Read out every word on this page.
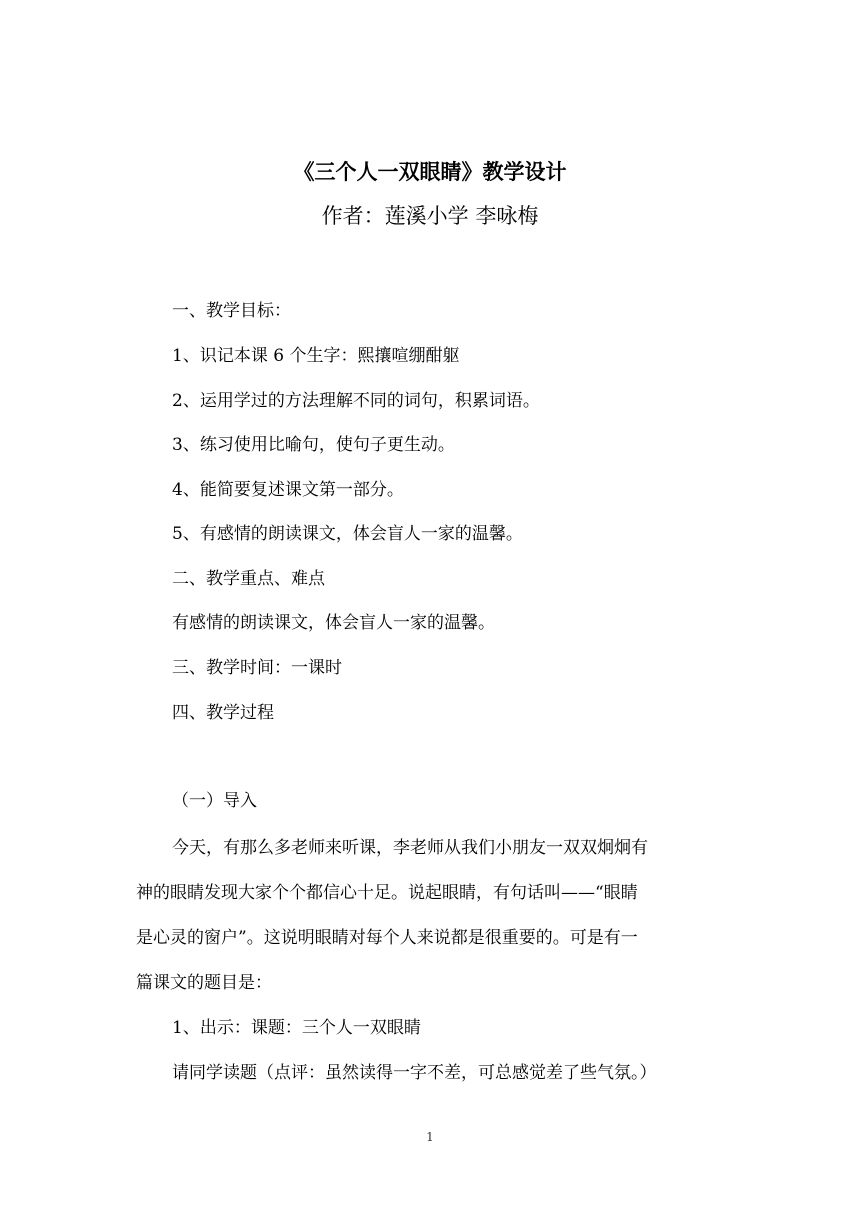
《三个人一双眼睛》教学设计
作者：莲溪小学 李咏梅
一、教学目标：
1、识记本课 6 个生字：熙攘喧绷酣躯
2、运用学过的方法理解不同的词句，积累词语。
3、练习使用比喻句，使句子更生动。
4、能简要复述课文第一部分。
5、有感情的朗读课文，体会盲人一家的温馨。
二、教学重点、难点
有感情的朗读课文，体会盲人一家的温馨。
三、教学时间：一课时
四、教学过程
（一）导入
今天，有那么多老师来听课，李老师从我们小朋友一双双炯炯有
神的眼睛发现大家个个都信心十足。说起眼睛，有句话叫——“眼睛
是心灵的窗户”。这说明眼睛对每个人来说都是很重要的。可是有一
篇课文的题目是：
1、出示：课题：三个人一双眼睛
请同学读题（点评：虽然读得一字不差，可总感觉差了些气氛。）
1
